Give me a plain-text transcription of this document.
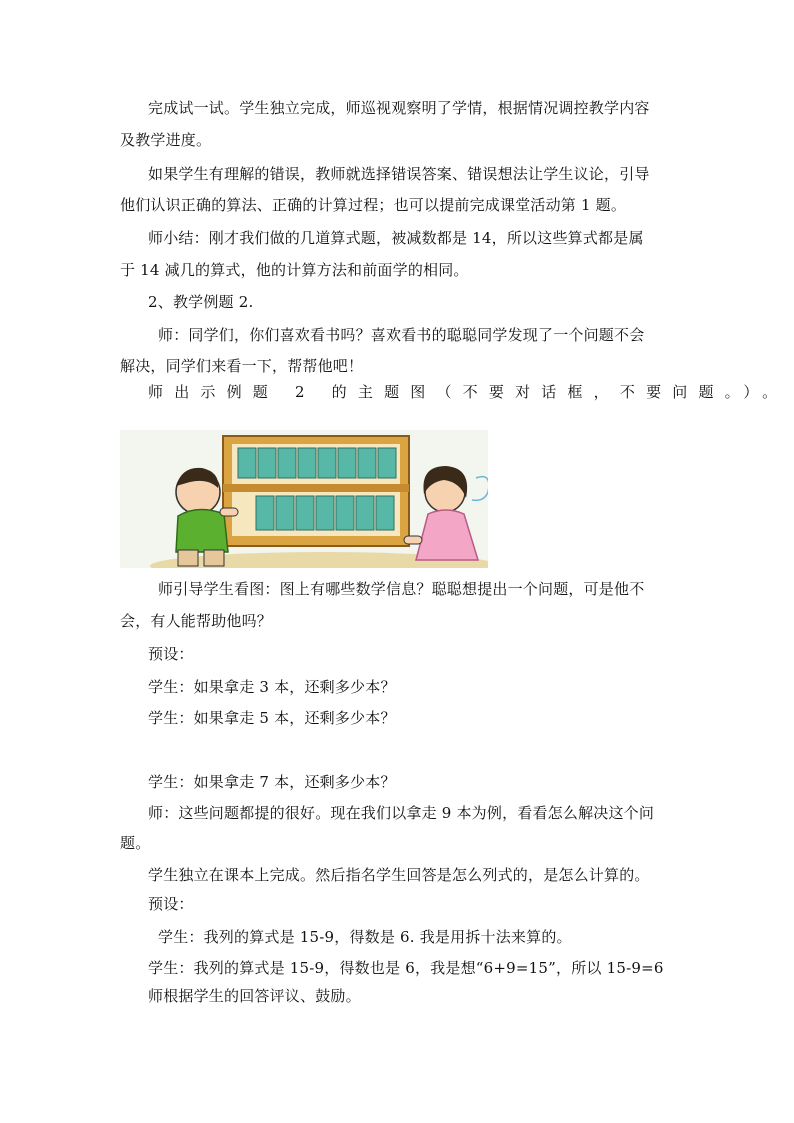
完成试一试。学生独立完成，师巡视观察明了学情，根据情况调控教学内容
及教学进度。
如果学生有理解的错误，教师就选择错误答案、错误想法让学生议论，引导
他们认识正确的算法、正确的计算过程；也可以提前完成课堂活动第 1 题。
师小结：刚才我们做的几道算式题，被减数都是 14，所以这些算式都是属
于 14 减几的算式，他的计算方法和前面学的相同。
2、教学例题 2.
师：同学们，你们喜欢看书吗？喜欢看书的聪聪同学发现了一个问题不会
解决，同学们来看一下，帮帮他吧！
师出示例题 2 的主题图（不要对话框，不要问题。）。
师引导学生看图：图上有哪些数学信息？聪聪想提出一个问题，可是他不
会，有人能帮助他吗？
预设：
学生：如果拿走 3 本，还剩多少本？
学生：如果拿走 5 本，还剩多少本？
学生：如果拿走 7 本，还剩多少本？
师：这些问题都提的很好。现在我们以拿走 9 本为例，看看怎么解决这个问
题。
学生独立在课本上完成。然后指名学生回答是怎么列式的，是怎么计算的。
预设：
学生：我列的算式是 15-9，得数是 6. 我是用拆十法来算的。
学生：我列的算式是 15-9，得数也是 6，我是想“6+9=15”，所以 15-9=6
师根据学生的回答评议、鼓励。
